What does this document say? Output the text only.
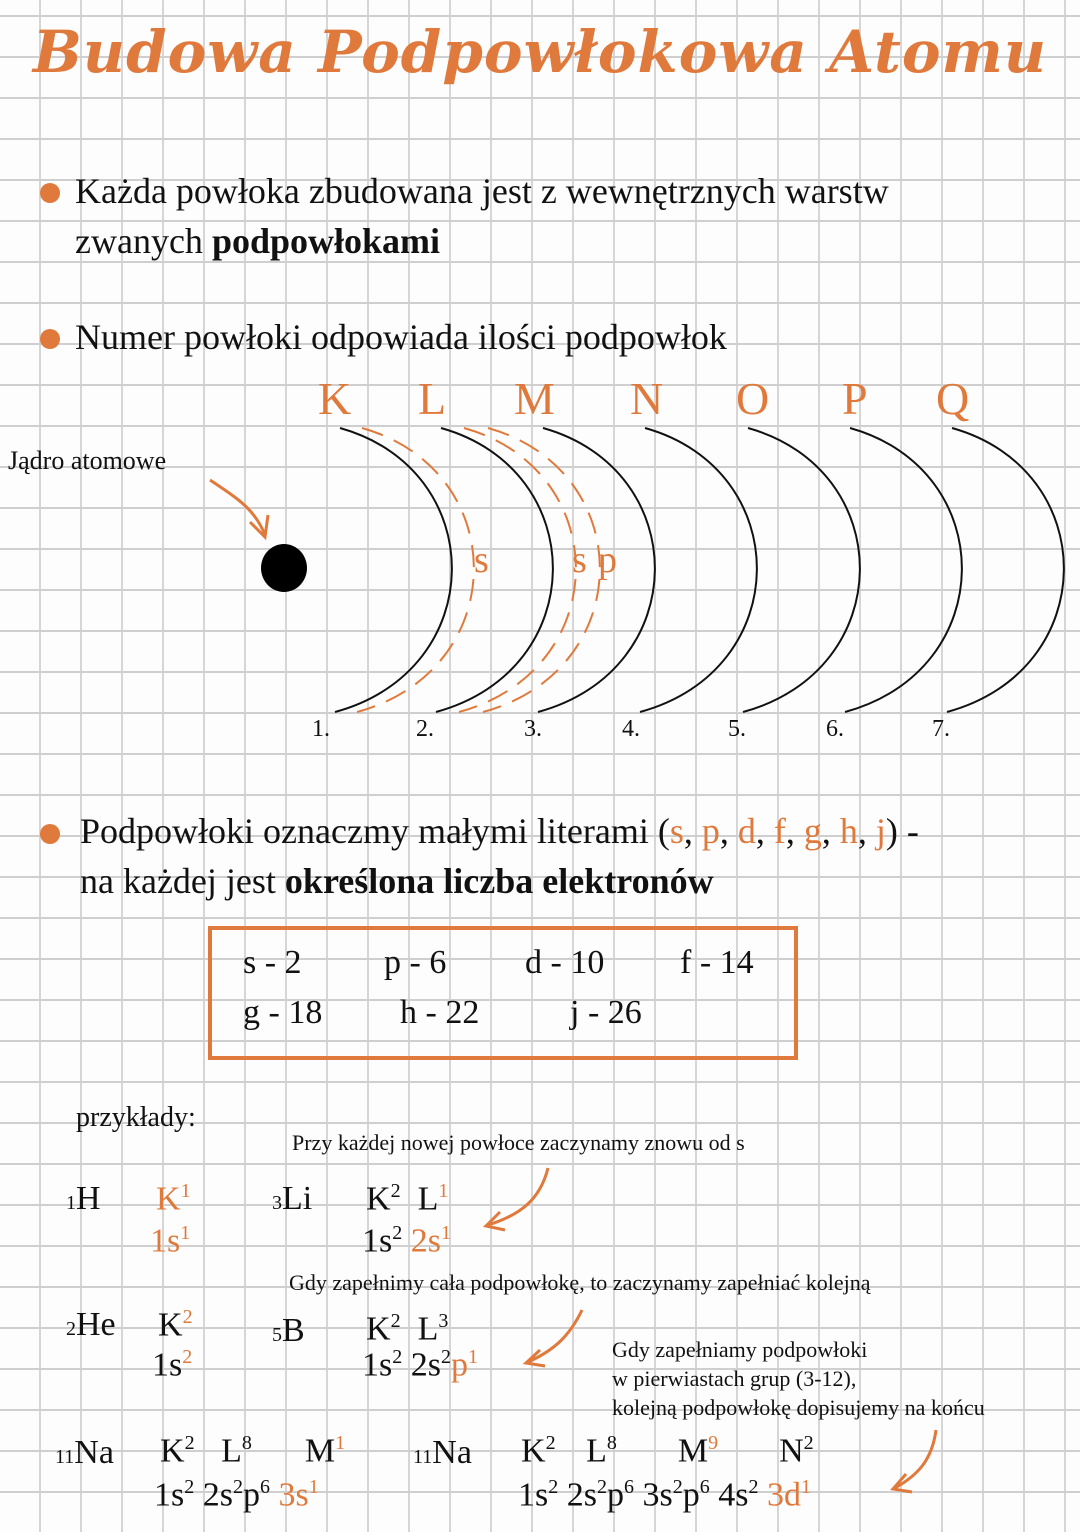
Budowa Podpowłokowa Atomu
Każda powłoka zbudowana jest z wewnętrznych warstw
zwanych podpowłokami
Numer powłoki odpowiada ilości podpowłok
Jądro atomowe
K
1.
L
2.
M
3.
N
4.
O
5.
P
6.
Q
7.
s s p
Podpowłoki oznaczmy małymi literami (s, p, d, f, g, h, j) -
na każdej jest określona liczba elektronów
s - 2 p - 6 d - 10 f - 14
g - 18 h - 22	j - 26
przykłady:
Przy każdej nowej powłoce zaczynamy znowu od s
Gdy zapełnimy cała podpowłokę, to zaczynamy zapełniać kolejną
Gdy zapełniamy podpowłoki
w pierwiastach grup (3-12),
kolejną podpowłokę dopisujemy na końcu
1H $K^1$
$1s^1$
3Li $K^2$ $L^1$
$1s^2$ $2s^1$
2He $K^2$
$1s^2$
5B $K^2$ $L^3$
$1s^2$ $2s^2p^1$
11Na $K^2$ $L^8$ $M^1$
$1s^2$ $2s^2p^6$ $3s^1$
11Na $K^2$ $L^8$ $M^9$ $N^2$
$1s^2$ $2s^2p^6$ $3s^2p^6$ $4s^2$ $3d^1$
